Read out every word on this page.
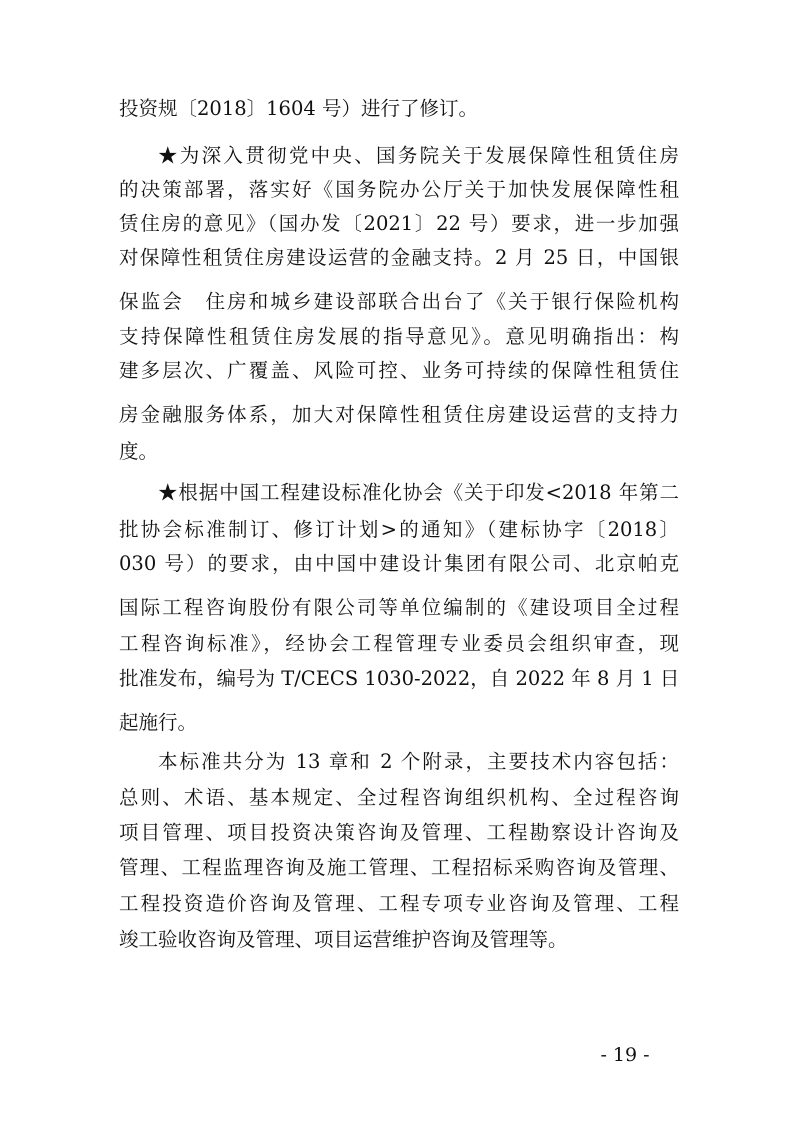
投资规〔2018〕1604 号）进行了修订。
★为深入贯彻党中央、国务院关于发展保障性租赁住房
的决策部署，落实好《国务院办公厅关于加快发展保障性租
赁住房的意见》（国办发〔2021〕22 号）要求，进一步加强
对保障性租赁住房建设运营的金融支持。2 月 25 日，中国银
保监会　住房和城乡建设部联合出台了《关于银行保险机构
支持保障性租赁住房发展的指导意见》。意见明确指出：构
建多层次、广覆盖、风险可控、业务可持续的保障性租赁住
房金融服务体系，加大对保障性租赁住房建设运营的支持力
度。
★根据中国工程建设标准化协会《关于印发<2018 年第二
批协会标准制订、修订计划>的通知》（建标协字〔2018〕
030 号）的要求，由中国中建设计集团有限公司、北京帕克
国际工程咨询股份有限公司等单位编制的《建设项目全过程
工程咨询标准》，经协会工程管理专业委员会组织审查，现
批准发布，编号为 T/CECS 1030-2022，自 2022 年 8 月 1 日
起施行。
本标准共分为 13 章和 2 个附录，主要技术内容包括：
总则、术语、基本规定、全过程咨询组织机构、全过程咨询
项目管理、项目投资决策咨询及管理、工程勘察设计咨询及
管理、工程监理咨询及施工管理、工程招标采购咨询及管理、
工程投资造价咨询及管理、工程专项专业咨询及管理、工程
竣工验收咨询及管理、项目运营维护咨询及管理等。
- 19 -
